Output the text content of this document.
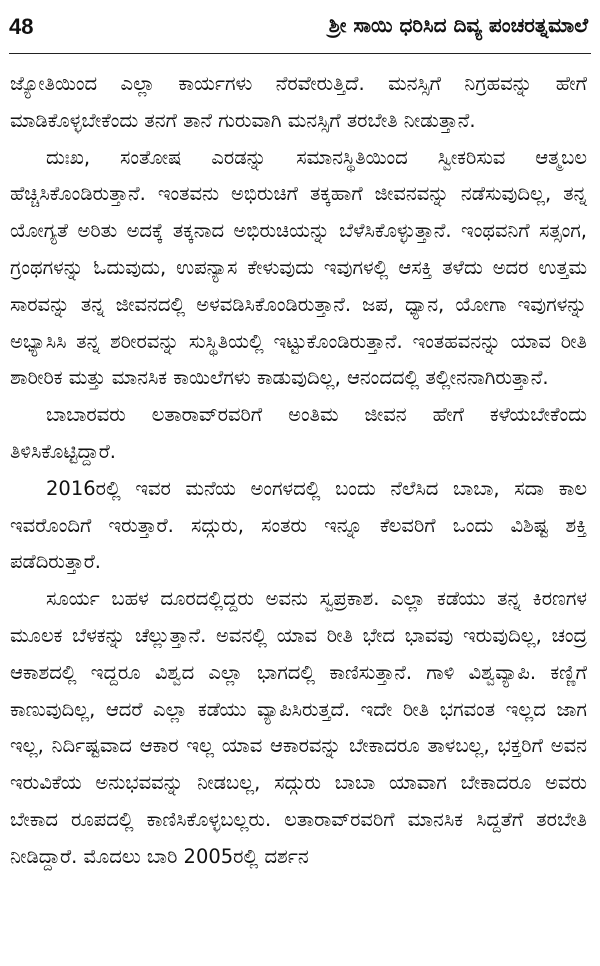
48	ಶ್ರೀ ಸಾಯಿ ಧರಿಸಿದ ದಿವ್ಯ ಪಂಚರತ್ನಮಾಲೆ

ಜ್ಯೋತಿಯಿಂದ ಎಲ್ಲಾ ಕಾರ್ಯಗಳು ನೆರವೇರುತ್ತಿದೆ. ಮನಸ್ಸಿಗೆ ನಿಗ್ರಹವನ್ನು ಹೇಗೆ ಮಾಡಿಕೊಳ್ಳಬೇಕೆಂದು ತನಗೆ ತಾನೆ ಗುರುವಾಗಿ ಮನಸ್ಸಿಗೆ ತರಬೇತಿ ನೀಡುತ್ತಾನೆ.

ದುಃಖ, ಸಂತೋಷ ಎರಡನ್ನು ಸಮಾನಸ್ಥಿತಿಯಿಂದ ಸ್ವೀಕರಿಸುವ ಆತ್ಮಬಲ ಹೆಚ್ಚಿಸಿಕೊಂಡಿರುತ್ತಾನೆ. ಇಂತವನು ಅಭಿರುಚಿಗೆ ತಕ್ಕಹಾಗೆ ಜೀವನವನ್ನು ನಡೆಸುವುದಿಲ್ಲ, ತನ್ನ ಯೋಗ್ಯತೆ ಅರಿತು ಅದಕ್ಕೆ ತಕ್ಕನಾದ ಅಭಿರುಚಿಯನ್ನು ಬೆಳೆಸಿಕೊಳ್ಳುತ್ತಾನೆ. ಇಂಥವನಿಗೆ ಸತ್ಸಂಗ, ಗ್ರಂಥಗಳನ್ನು ಓದುವುದು, ಉಪನ್ಯಾಸ ಕೇಳುವುದು ಇವುಗಳಲ್ಲಿ ಆಸಕ್ತಿ ತಳೆದು ಅದರ ಉತ್ತಮ ಸಾರವನ್ನು ತನ್ನ ಜೀವನದಲ್ಲಿ ಅಳವಡಿಸಿಕೊಂಡಿರುತ್ತಾನೆ. ಜಪ, ಧ್ಯಾನ, ಯೋಗಾ ಇವುಗಳನ್ನು ಅಭ್ಯಾಸಿಸಿ ತನ್ನ ಶರೀರವನ್ನು ಸುಸ್ಥಿತಿಯಲ್ಲಿ ಇಟ್ಟುಕೊಂಡಿರುತ್ತಾನೆ. ಇಂತಹವನನ್ನು ಯಾವ ರೀತಿ ಶಾರೀರಿಕ ಮತ್ತು ಮಾನಸಿಕ ಕಾಯಿಲೆಗಳು ಕಾಡುವುದಿಲ್ಲ, ಆನಂದದಲ್ಲಿ ತಲ್ಲೀನನಾಗಿರುತ್ತಾನೆ.

ಬಾಬಾರವರು ಲತಾರಾವ್‌ರವರಿಗೆ ಅಂತಿಮ ಜೀವನ ಹೇಗೆ ಕಳೆಯಬೇಕೆಂದು ತಿಳಿಸಿಕೊಟ್ಟಿದ್ದಾರೆ.

2016ರಲ್ಲಿ ಇವರ ಮನೆಯ ಅಂಗಳದಲ್ಲಿ ಬಂದು ನೆಲೆಸಿದ ಬಾಬಾ, ಸದಾ ಕಾಲ ಇವರೊಂದಿಗೆ ಇರುತ್ತಾರೆ. ಸದ್ಗುರು, ಸಂತರು ಇನ್ನೂ ಕೆಲವರಿಗೆ ಒಂದು ವಿಶಿಷ್ಟ ಶಕ್ತಿ ಪಡೆದಿರುತ್ತಾರೆ.

ಸೂರ್ಯ ಬಹಳ ದೂರದಲ್ಲಿದ್ದರು ಅವನು ಸ್ವಪ್ರಕಾಶ. ಎಲ್ಲಾ ಕಡೆಯು ತನ್ನ ಕಿರಣಗಳ ಮೂಲಕ ಬೆಳಕನ್ನು ಚೆಲ್ಲುತ್ತಾನೆ. ಅವನಲ್ಲಿ ಯಾವ ರೀತಿ ಭೇದ ಭಾವವು ಇರುವುದಿಲ್ಲ, ಚಂದ್ರ ಆಕಾಶದಲ್ಲಿ ಇದ್ದರೂ ವಿಶ್ವದ ಎಲ್ಲಾ ಭಾಗದಲ್ಲಿ ಕಾಣಿಸುತ್ತಾನೆ. ಗಾಳಿ ವಿಶ್ವವ್ಯಾಪಿ. ಕಣ್ಣಿಗೆ ಕಾಣುವುದಿಲ್ಲ, ಆದರೆ ಎಲ್ಲಾ ಕಡೆಯು ವ್ಯಾಪಿಸಿರುತ್ತದೆ. ಇದೇ ರೀತಿ ಭಗವಂತ ಇಲ್ಲದ ಜಾಗ ಇಲ್ಲ, ನಿರ್ದಿಷ್ಟವಾದ ಆಕಾರ ಇಲ್ಲ ಯಾವ ಆಕಾರವನ್ನು ಬೇಕಾದರೂ ತಾಳಬಲ್ಲ, ಭಕ್ತರಿಗೆ ಅವನ ಇರುವಿಕೆಯ ಅನುಭವವನ್ನು ನೀಡಬಲ್ಲ, ಸದ್ಗುರು ಬಾಬಾ ಯಾವಾಗ ಬೇಕಾದರೂ ಅವರು ಬೇಕಾದ ರೂಪದಲ್ಲಿ ಕಾಣಿಸಿಕೊಳ್ಳಬಲ್ಲರು. ಲತಾರಾವ್‌ರವರಿಗೆ ಮಾನಸಿಕ ಸಿದ್ದತೆಗೆ ತರಬೇತಿ ನೀಡಿದ್ದಾರೆ. ಮೊದಲು ಬಾರಿ 2005ರಲ್ಲಿ ದರ್ಶನ
